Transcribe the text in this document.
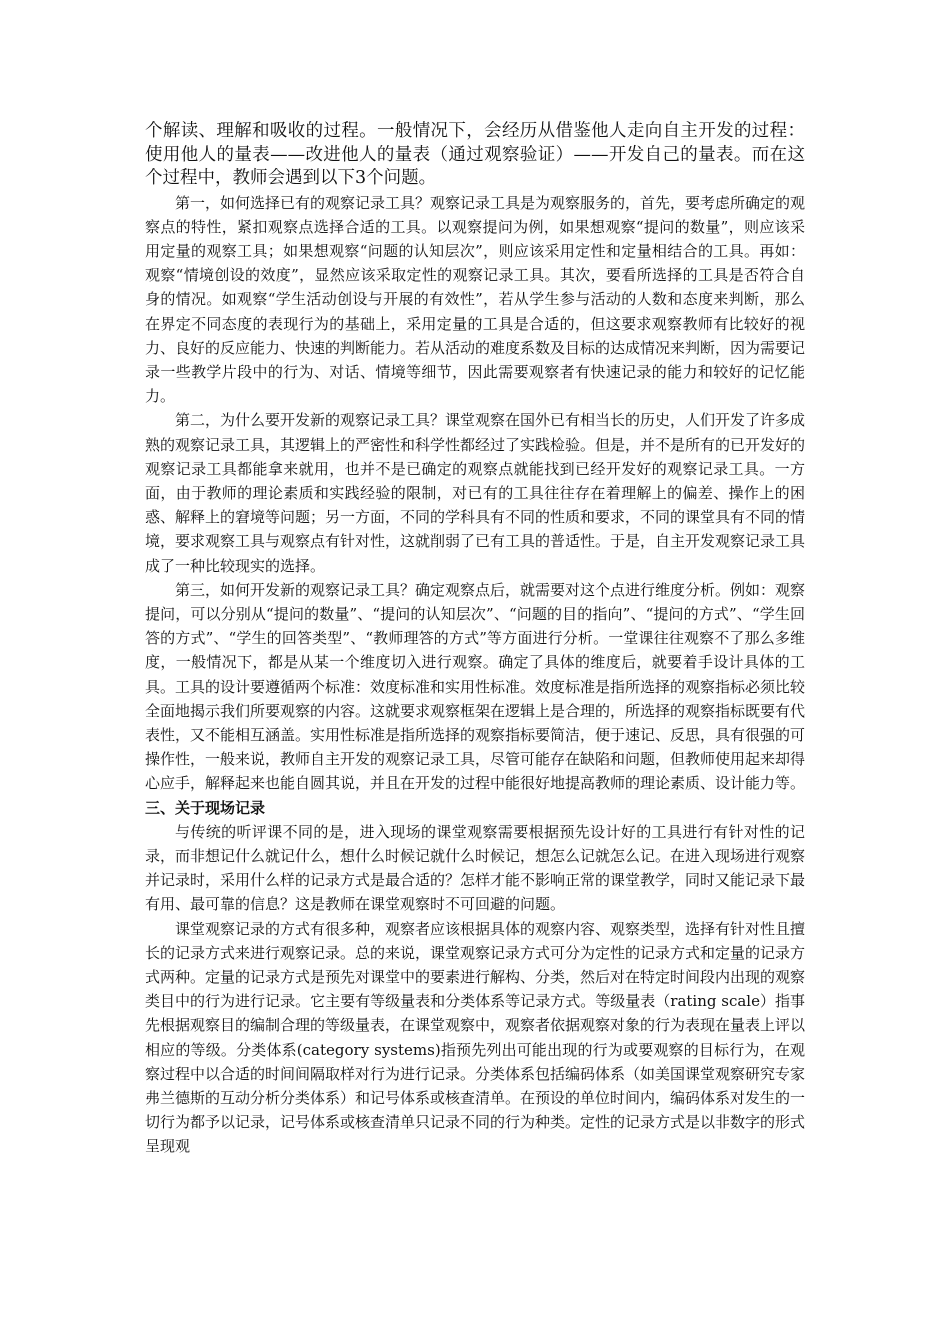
个解读、理解和吸收的过程。一般情况下，会经历从借鉴他人走向自主开发的过程：使用他人的量表——改进他人的量表（通过观察验证）——开发自己的量表。而在这个过程中，教师会遇到以下3个问题。

第一，如何选择已有的观察记录工具？观察记录工具是为观察服务的，首先，要考虑所确定的观察点的特性，紧扣观察点选择合适的工具。以观察提问为例，如果想观察“提问的数量”，则应该采用定量的观察工具；如果想观察“问题的认知层次”，则应该采用定性和定量相结合的工具。再如：观察“情境创设的效度”，显然应该采取定性的观察记录工具。其次，要看所选择的工具是否符合自身的情况。如观察“学生活动创设与开展的有效性”，若从学生参与活动的人数和态度来判断，那么在界定不同态度的表现行为的基础上，采用定量的工具是合适的，但这要求观察教师有比较好的视力、良好的反应能力、快速的判断能力。若从活动的难度系数及目标的达成情况来判断，因为需要记录一些教学片段中的行为、对话、情境等细节，因此需要观察者有快速记录的能力和较好的记忆能力。

第二，为什么要开发新的观察记录工具？课堂观察在国外已有相当长的历史，人们开发了许多成熟的观察记录工具，其逻辑上的严密性和科学性都经过了实践检验。但是，并不是所有的已开发好的观察记录工具都能拿来就用，也并不是已确定的观察点就能找到已经开发好的观察记录工具。一方面，由于教师的理论素质和实践经验的限制，对已有的工具往往存在着理解上的偏差、操作上的困惑、解释上的窘境等问题；另一方面，不同的学科具有不同的性质和要求，不同的课堂具有不同的情境，要求观察工具与观察点有针对性，这就削弱了已有工具的普适性。于是，自主开发观察记录工具成了一种比较现实的选择。

第三，如何开发新的观察记录工具？确定观察点后，就需要对这个点进行维度分析。例如：观察提问，可以分别从“提问的数量”、“提问的认知层次”、“问题的目的指向”、“提问的方式”、“学生回答的方式”、“学生的回答类型”、“教师理答的方式”等方面进行分析。一堂课往往观察不了那么多维度，一般情况下，都是从某一个维度切入进行观察。确定了具体的维度后，就要着手设计具体的工具。工具的设计要遵循两个标准：效度标准和实用性标准。效度标准是指所选择的观察指标必须比较全面地揭示我们所要观察的内容。这就要求观察框架在逻辑上是合理的，所选择的观察指标既要有代表性，又不能相互涵盖。实用性标准是指所选择的观察指标要简洁，便于速记、反思，具有很强的可操作性，一般来说，教师自主开发的观察记录工具，尽管可能存在缺陷和问题，但教师使用起来却得心应手，解释起来也能自圆其说，并且在开发的过程中能很好地提高教师的理论素质、设计能力等。

三、关于现场记录

与传统的听评课不同的是，进入现场的课堂观察需要根据预先设计好的工具进行有针对性的记录，而非想记什么就记什么，想什么时候记就什么时候记，想怎么记就怎么记。在进入现场进行观察并记录时，采用什么样的记录方式是最合适的？怎样才能不影响正常的课堂教学，同时又能记录下最有用、最可靠的信息？这是教师在课堂观察时不可回避的问题。

课堂观察记录的方式有很多种，观察者应该根据具体的观察内容、观察类型，选择有针对性且擅长的记录方式来进行观察记录。总的来说，课堂观察记录方式可分为定性的记录方式和定量的记录方式两种。定量的记录方式是预先对课堂中的要素进行解构、分类，然后对在特定时间段内出现的观察类目中的行为进行记录。它主要有等级量表和分类体系等记录方式。等级量表（rating scale）指事先根据观察目的编制合理的等级量表，在课堂观察中，观察者依据观察对象的行为表现在量表上评以相应的等级。分类体系(category systems)指预先列出可能出现的行为或要观察的目标行为，在观察过程中以合适的时间间隔取样对行为进行记录。分类体系包括编码体系（如美国课堂观察研究专家弗兰德斯的互动分析分类体系）和记号体系或核查清单。在预设的单位时间内，编码体系对发生的一切行为都予以记录，记号体系或核查清单只记录不同的行为种类。定性的记录方式是以非数字的形式呈现观
